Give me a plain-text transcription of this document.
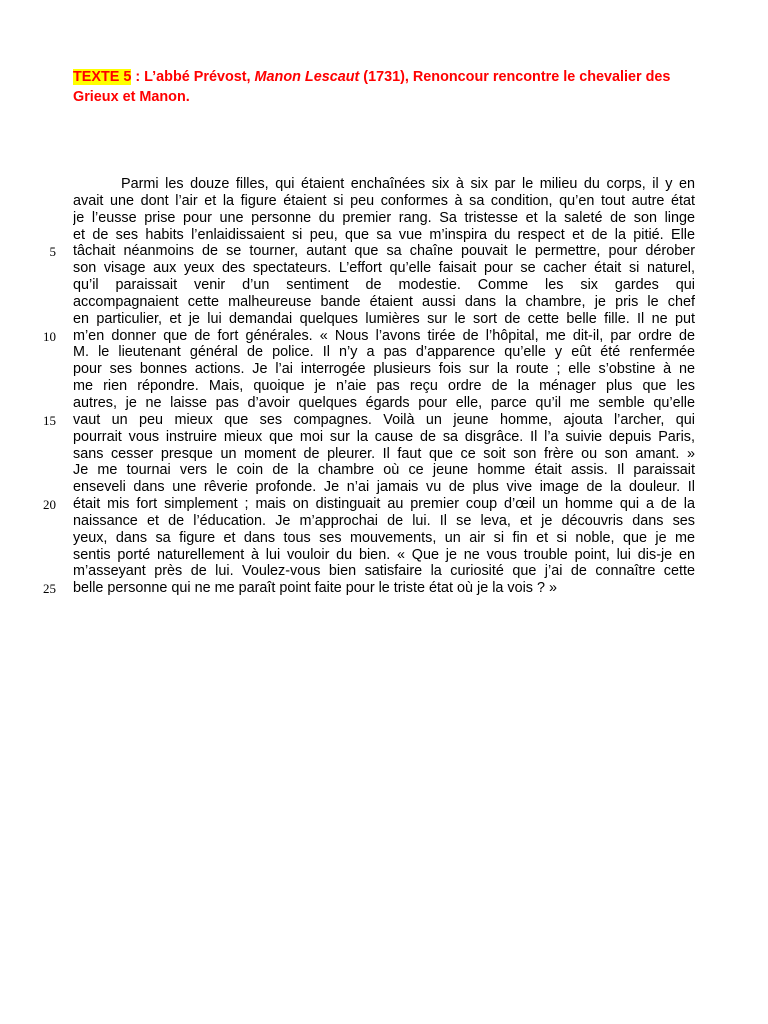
TEXTE 5 : L’abbé Prévost, Manon Lescaut (1731), Renoncour rencontre le chevalier des Grieux et Manon.
5
10
15
20
25
Parmi les douze filles, qui étaient enchaînées six à six par le milieu du corps, il y en
avait une dont l’air et la figure étaient si peu conformes à sa condition, qu’en tout autre état
je l’eusse prise pour une personne du premier rang. Sa tristesse et la saleté de son linge
et de ses habits l’enlaidissaient si peu, que sa vue m’inspira du respect et de la pitié. Elle
tâchait néanmoins de se tourner, autant que sa chaîne pouvait le permettre, pour dérober
son visage aux yeux des spectateurs. L’effort qu’elle faisait pour se cacher était si naturel,
qu’il paraissait venir d’un sentiment de modestie. Comme les six gardes qui
accompagnaient cette malheureuse bande étaient aussi dans la chambre, je pris le chef
en particulier, et je lui demandai quelques lumières sur le sort de cette belle fille. Il ne put
m’en donner que de fort générales. « Nous l’avons tirée de l’hôpital, me dit-il, par ordre de
M. le lieutenant général de police. Il n’y a pas d’apparence qu’elle y eût été renfermée
pour ses bonnes actions. Je l’ai interrogée plusieurs fois sur la route ; elle s’obstine à ne
me rien répondre. Mais, quoique je n’aie pas reçu ordre de la ménager plus que les
autres, je ne laisse pas d’avoir quelques égards pour elle, parce qu’il me semble qu’elle
vaut un peu mieux que ses compagnes. Voilà un jeune homme, ajouta l’archer, qui
pourrait vous instruire mieux que moi sur la cause de sa disgrâce. Il l’a suivie depuis Paris,
sans cesser presque un moment de pleurer. Il faut que ce soit son frère ou son amant. »
Je me tournai vers le coin de la chambre où ce jeune homme était assis. Il paraissait
enseveli dans une rêverie profonde. Je n’ai jamais vu de plus vive image de la douleur. Il
était mis fort simplement ; mais on distinguait au premier coup d’œil un homme qui a de la
naissance et de l’éducation. Je m’approchai de lui. Il se leva, et je découvris dans ses
yeux, dans sa figure et dans tous ses mouvements, un air si fin et si noble, que je me
sentis porté naturellement à lui vouloir du bien. « Que je ne vous trouble point, lui dis-je en
m’asseyant près de lui. Voulez-vous bien satisfaire la curiosité que j’ai de connaître cette
belle personne qui ne me paraît point faite pour le triste état où je la vois ? »
